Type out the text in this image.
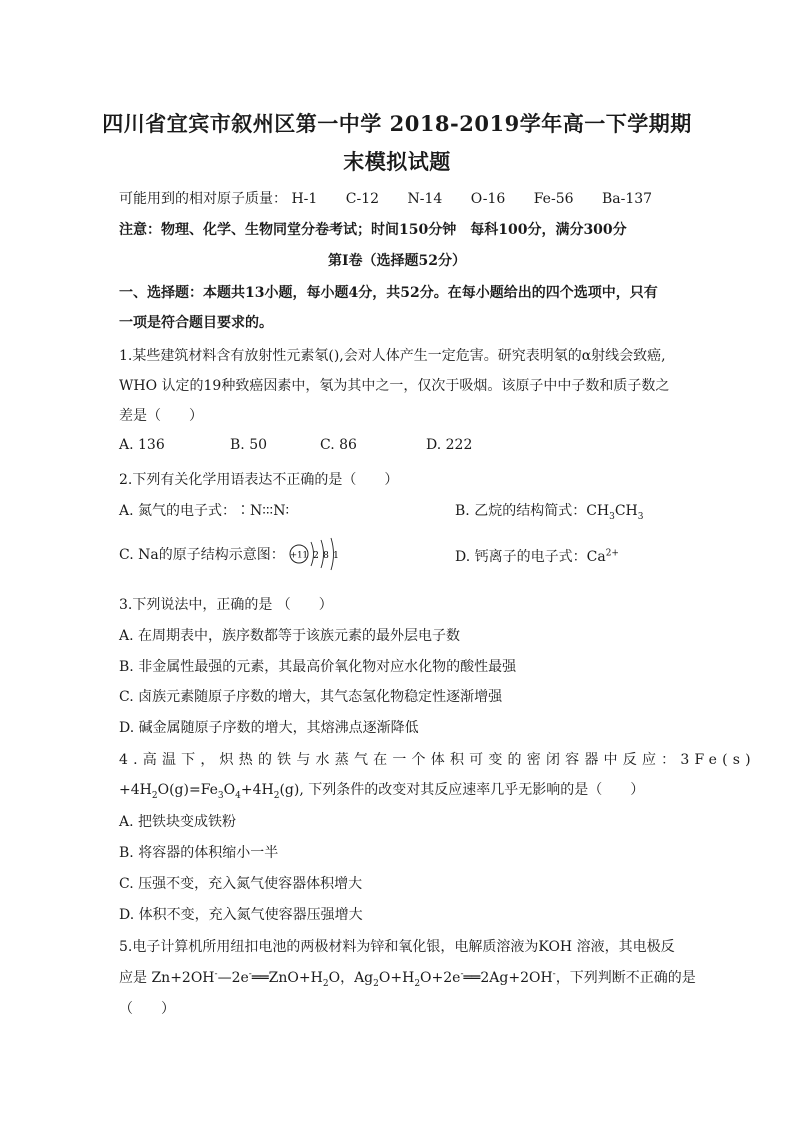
四川省宜宾市叙州区第一中学 2018-2019学年高一下学期期
末模拟试题
可能用到的相对原子质量： H-1 C-12 N-14 O-16 Fe-56 Ba-137
注意：物理、化学、生物同堂分卷考试；时间150分钟　每科100分，满分300分
第I卷（选择题52分）
一、选择题：本题共13小题，每小题4分，共52分。在每小题给出的四个选项中，只有
一项是符合题目要求的。
1.某些建筑材料含有放射性元素氡(),会对人体产生一定危害。研究表明氡的α射线会致癌,
WHO 认定的19种致癌因素中，氡为其中之一，仅次于吸烟。该原子中中子数和质子数之
差是（　　）
A. 136	B. 50	C. 86	D. 222
2.下列有关化学用语表达不正确的是（　　）
A. 氮气的电子式：∶N∶∶∶N∶	B. 乙烷的结构简式：$CH_3CH_3$
C. Na的原子结构示意图： +11 2 8 1	D. 钙离子的电子式：$Ca^{2+}$
3.下列说法中，正确的是 （　　）
A. 在周期表中，族序数都等于该族元素的最外层电子数
B. 非金属性最强的元素，其最高价氧化物对应水化物的酸性最强
C. 卤族元素随原子序数的增大，其气态氢化物稳定性逐渐增强
D. 碱金属随原子序数的增大，其熔沸点逐渐降低
4.高温下，炽热的铁与水蒸气在一个体积可变的密闭容器中反应：3Fe(s)
$+4H_2O(g)=Fe_3O_4+4H_2(g)$, 下列条件的改变对其反应速率几乎无影响的是（　　）
A. 把铁块变成铁粉
B. 将容器的体积缩小一半
C. 压强不变，充入氮气使容器体积增大
D. 体积不变，充入氮气使容器压强增大
5.电子计算机所用纽扣电池的两极材料为锌和氧化银，电解质溶液为KOH 溶液，其电极反
应是 $Zn+2OH^-—2e^-══ZnO+H_2O$，$Ag_2O+H_2O+2e^-══2Ag+2OH^-$，下列判断不正确的是
（　　）
